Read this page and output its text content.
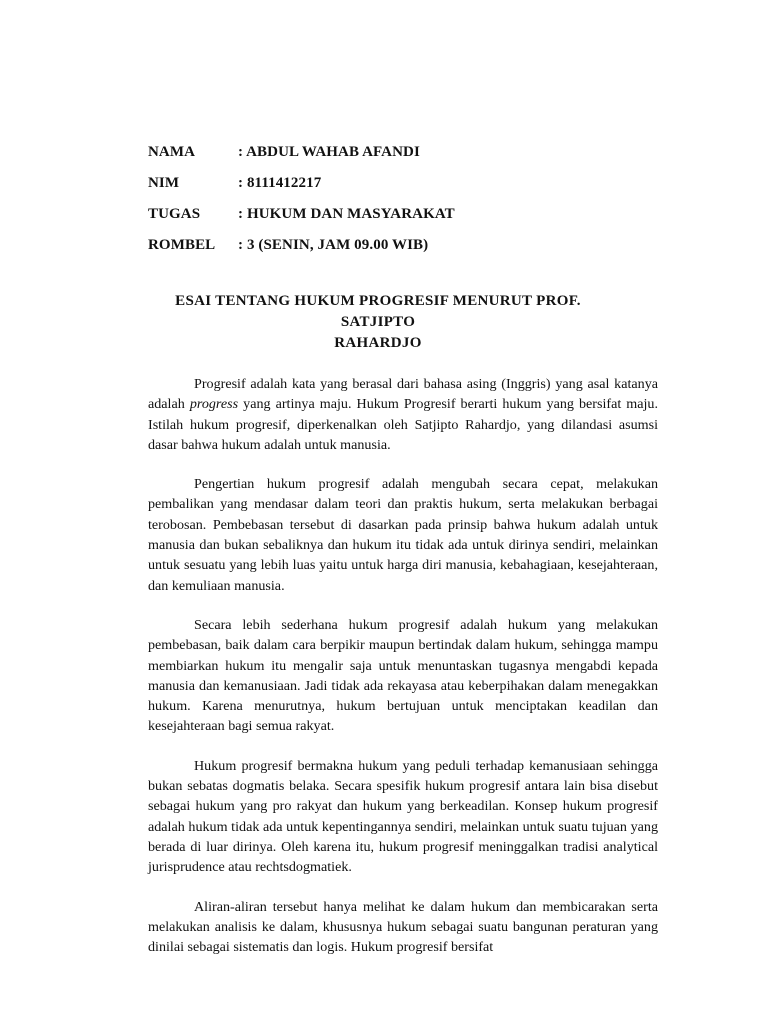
NAMA	: ABDUL WAHAB AFANDI
NIM	: 8111412217
TUGAS	: HUKUM DAN MASYARAKAT
ROMBEL	: 3 (SENIN, JAM 09.00 WIB)
ESAI TENTANG HUKUM PROGRESIF MENURUT PROF. SATJIPTO
RAHARDJO

Progresif adalah kata yang berasal dari bahasa asing (Inggris) yang asal katanya adalah progress yang artinya maju. Hukum Progresif berarti hukum yang bersifat maju. Istilah hukum progresif, diperkenalkan oleh Satjipto Rahardjo, yang dilandasi asumsi dasar bahwa hukum adalah untuk manusia.

Pengertian hukum progresif adalah mengubah secara cepat, melakukan pembalikan yang mendasar dalam teori dan praktis hukum, serta melakukan berbagai terobosan. Pembebasan tersebut di dasarkan pada prinsip bahwa hukum adalah untuk manusia dan bukan sebaliknya dan hukum itu tidak ada untuk dirinya sendiri, melainkan untuk sesuatu yang lebih luas yaitu untuk harga diri manusia, kebahagiaan, kesejahteraan, dan kemuliaan manusia.

Secara lebih sederhana hukum progresif adalah hukum yang melakukan pembebasan, baik dalam cara berpikir maupun bertindak dalam hukum, sehingga mampu membiarkan hukum itu mengalir saja untuk menuntaskan tugasnya mengabdi kepada manusia dan kemanusiaan. Jadi tidak ada rekayasa atau keberpihakan dalam menegakkan hukum. Karena menurutnya, hukum bertujuan untuk menciptakan keadilan dan kesejahteraan bagi semua rakyat.

Hukum progresif bermakna hukum yang peduli terhadap kemanusiaan sehingga bukan sebatas dogmatis belaka. Secara spesifik hukum progresif antara lain bisa disebut sebagai hukum yang pro rakyat dan hukum yang berkeadilan. Konsep hukum progresif adalah hukum tidak ada untuk kepentingannya sendiri, melainkan untuk suatu tujuan yang berada di luar dirinya. Oleh karena itu, hukum progresif meninggalkan tradisi analytical jurisprudence atau rechtsdogmatiek.

Aliran-aliran tersebut hanya melihat ke dalam hukum dan membicarakan serta melakukan analisis ke dalam, khususnya hukum sebagai suatu bangunan peraturan yang dinilai sebagai sistematis dan logis. Hukum progresif bersifat
